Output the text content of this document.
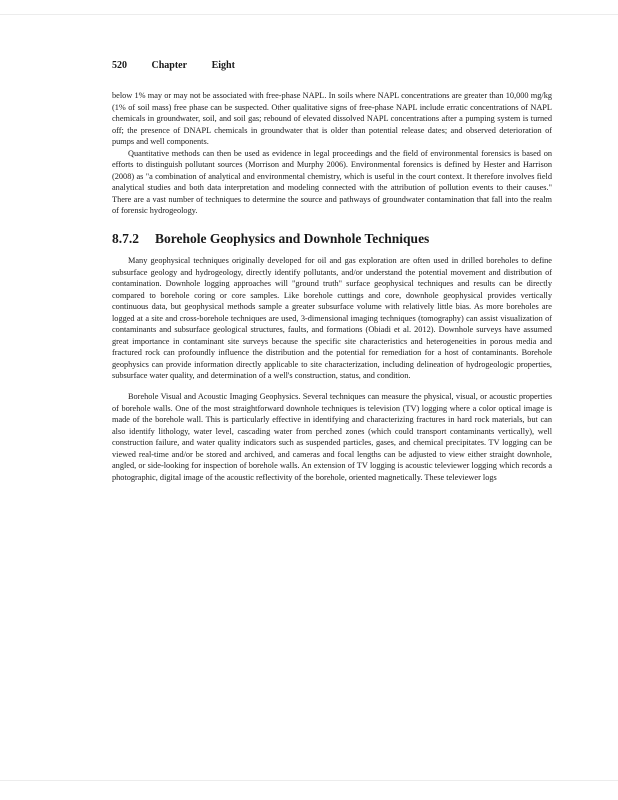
520 Chapter Eight

below 1% may or may not be associated with free-phase NAPL. In soils where NAPL concentrations are greater than 10,000 mg/kg (1% of soil mass) free phase can be suspected. Other qualitative signs of free-phase NAPL include erratic concentrations of NAPL chemicals in groundwater, soil, and soil gas; rebound of elevated dissolved NAPL concentrations after a pumping system is turned off; the presence of DNAPL chemicals in groundwater that is older than potential release dates; and observed deterioration of pumps and well components.

Quantitative methods can then be used as evidence in legal proceedings and the field of environmental forensics is based on efforts to distinguish pollutant sources (Morrison and Murphy 2006). Environmental forensics is defined by Hester and Harrison (2008) as "a combination of analytical and environmental chemistry, which is useful in the court context. It therefore involves field analytical studies and both data interpretation and modeling connected with the attribution of pollution events to their causes." There are a vast number of techniques to determine the source and pathways of groundwater contamination that fall into the realm of forensic hydrogeology.

8.7.2 Borehole Geophysics and Downhole Techniques

Many geophysical techniques originally developed for oil and gas exploration are often used in drilled boreholes to define subsurface geology and hydrogeology, directly identify pollutants, and/or understand the potential movement and distribution of contamination. Downhole logging approaches will "ground truth" surface geophysical techniques and results can be directly compared to borehole coring or core samples. Like borehole cuttings and core, downhole geophysical provides vertically continuous data, but geophysical methods sample a greater subsurface volume with relatively little bias. As more boreholes are logged at a site and cross-borehole techniques are used, 3-dimensional imaging techniques (tomography) can assist visualization of contaminants and subsurface geological structures, faults, and formations (Obiadi et al. 2012). Downhole surveys have assumed great importance in contaminant site surveys because the specific site characteristics and heterogeneities in porous media and fractured rock can profoundly influence the distribution and the potential for remediation for a host of contaminants. Borehole geophysics can provide information directly applicable to site characterization, including delineation of hydrogeologic properties, subsurface water quality, and determination of a well's construction, status, and condition.

Borehole Visual and Acoustic Imaging Geophysics. Several techniques can measure the physical, visual, or acoustic properties of borehole walls. One of the most straightforward downhole techniques is television (TV) logging where a color optical image is made of the borehole wall. This is particularly effective in identifying and characterizing fractures in hard rock materials, but can also identify lithology, water level, cascading water from perched zones (which could transport contaminants vertically), well construction failure, and water quality indicators such as suspended particles, gases, and chemical precipitates. TV logging can be viewed real-time and/or be stored and archived, and cameras and focal lengths can be adjusted to view either straight downhole, angled, or side-looking for inspection of borehole walls. An extension of TV logging is acoustic televiewer logging which records a photographic, digital image of the acoustic reflectivity of the borehole, oriented magnetically. These televiewer logs
